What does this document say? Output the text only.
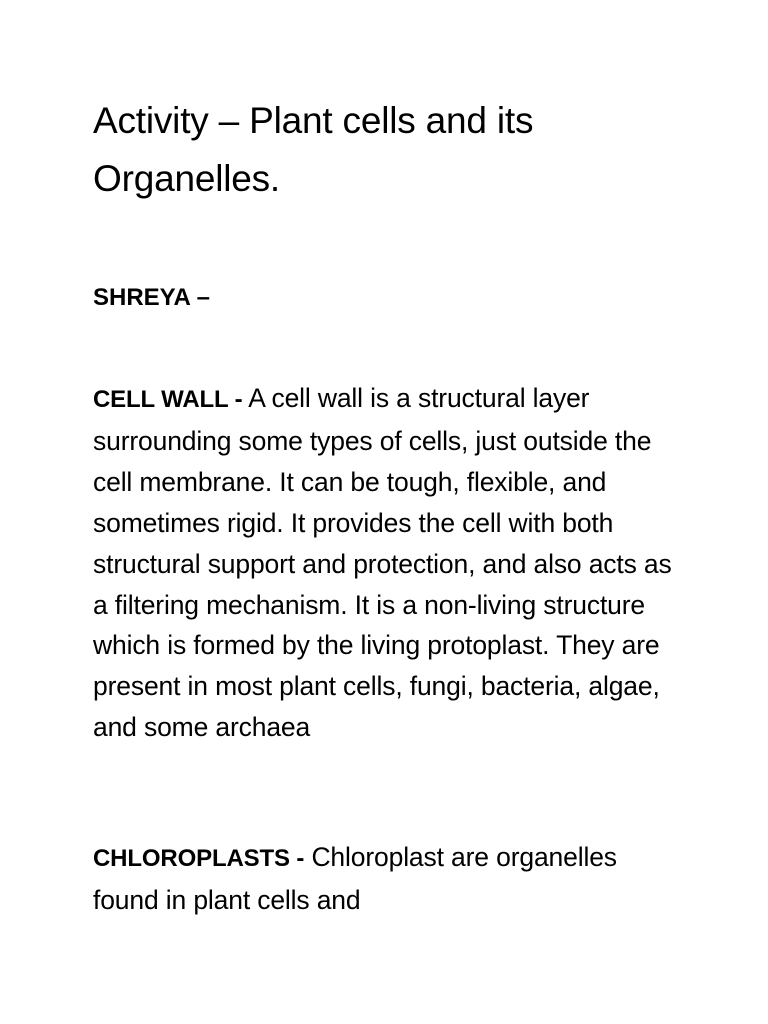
Activity – Plant cells and its Organelles.

SHREYA –

CELL WALL - A cell wall is a structural layer surrounding some types of cells, just outside the cell membrane. It can be tough, flexible, and sometimes rigid. It provides the cell with both structural support and protection, and also acts as a filtering mechanism. It is a non-living structure which is formed by the living protoplast. They are present in most plant cells, fungi, bacteria, algae, and some archaea

CHLOROPLASTS - Chloroplast are organelles found in plant cells and
